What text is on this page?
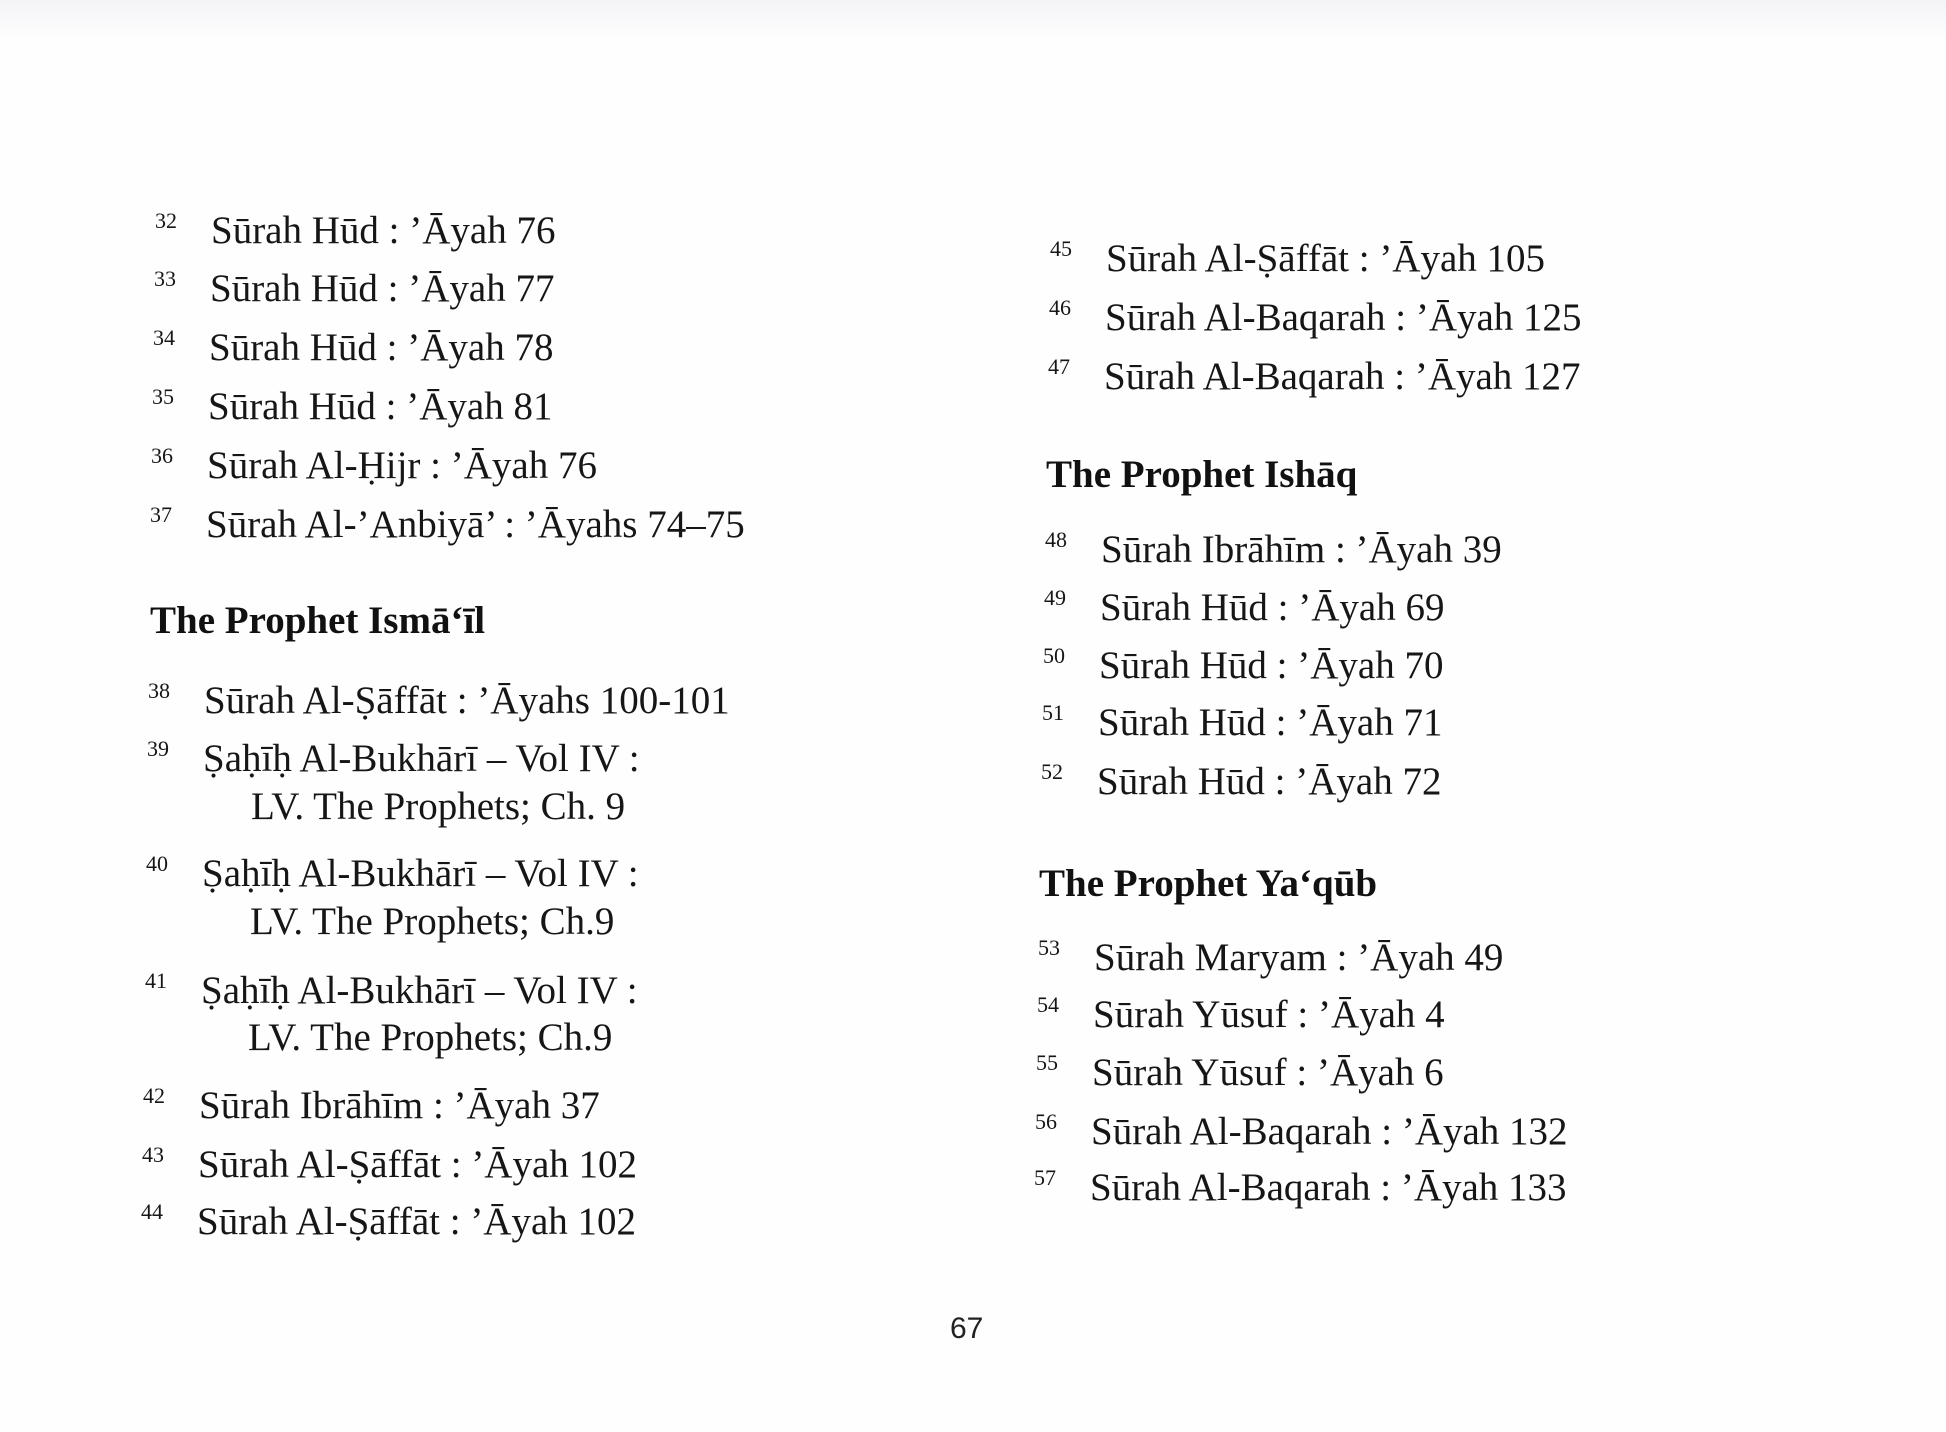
32 Sūrah Hūd : ’Āyah 76
33 Sūrah Hūd : ’Āyah 77
34 Sūrah Hūd : ’Āyah 78
35 Sūrah Hūd : ’Āyah 81
36 Sūrah Al-Ḥijr : ’Āyah 76
37 Sūrah Al-’Anbiyā’ : ’Āyahs 74–75
The Prophet Ismā‘īl
38 Sūrah Al-Ṣāffāt : ’Āyahs 100-101
39 Ṣaḥīḥ Al-Bukhārī – Vol IV :
LV. The Prophets; Ch. 9
40 Ṣaḥīḥ Al-Bukhārī – Vol IV :
LV. The Prophets; Ch.9
41 Ṣaḥīḥ Al-Bukhārī – Vol IV :
LV. The Prophets; Ch.9
42 Sūrah Ibrāhīm : ’Āyah 37
43 Sūrah Al-Ṣāffāt : ’Āyah 102
44 Sūrah Al-Ṣāffāt : ’Āyah 102
45 Sūrah Al-Ṣāffāt : ’Āyah 105
46 Sūrah Al-Baqarah : ’Āyah 125
47 Sūrah Al-Baqarah : ’Āyah 127
The Prophet Ishāq
48 Sūrah Ibrāhīm : ’Āyah 39
49 Sūrah Hūd : ’Āyah 69
50 Sūrah Hūd : ’Āyah 70
51 Sūrah Hūd : ’Āyah 71
52 Sūrah Hūd : ’Āyah 72
The Prophet Ya‘qūb
53 Sūrah Maryam : ’Āyah 49
54 Sūrah Yūsuf : ’Āyah 4
55 Sūrah Yūsuf : ’Āyah 6
56 Sūrah Al-Baqarah : ’Āyah 132
57 Sūrah Al-Baqarah : ’Āyah 133
67
